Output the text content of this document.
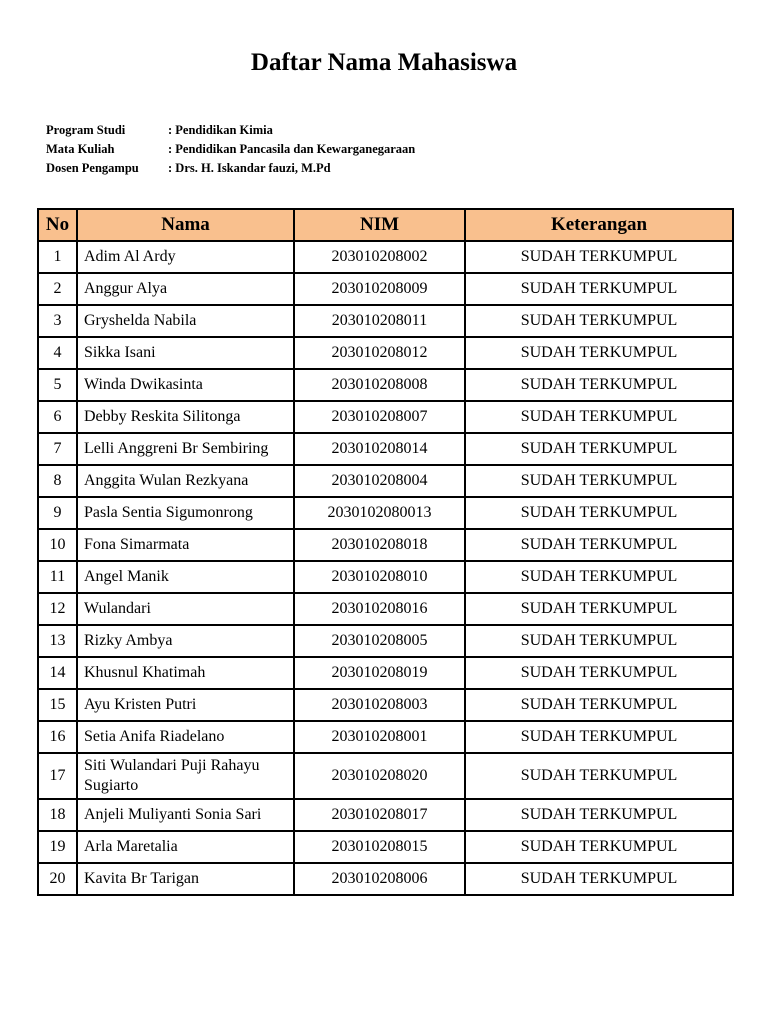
Daftar Nama Mahasiswa
Program Studi	: Pendidikan Kimia
Mata Kuliah	: Pendidikan Pancasila dan Kewarganegaraan
Dosen Pengampu	: Drs. H. Iskandar fauzi, M.Pd
No	Nama	NIM	Keterangan
1	Adim Al Ardy	203010208002	SUDAH TERKUMPUL
2	Anggur Alya	203010208009	SUDAH TERKUMPUL
3	Gryshelda Nabila	203010208011	SUDAH TERKUMPUL
4	Sikka Isani	203010208012	SUDAH TERKUMPUL
5	Winda Dwikasinta	203010208008	SUDAH TERKUMPUL
6	Debby Reskita Silitonga	203010208007	SUDAH TERKUMPUL
7	Lelli Anggreni Br Sembiring	203010208014	SUDAH TERKUMPUL
8	Anggita Wulan Rezkyana	203010208004	SUDAH TERKUMPUL
9	Pasla Sentia Sigumonrong	2030102080013	SUDAH TERKUMPUL
10	Fona Simarmata	203010208018	SUDAH TERKUMPUL
11	Angel Manik	203010208010	SUDAH TERKUMPUL
12	Wulandari	203010208016	SUDAH TERKUMPUL
13	Rizky Ambya	203010208005	SUDAH TERKUMPUL
14	Khusnul Khatimah	203010208019	SUDAH TERKUMPUL
15	Ayu Kristen Putri	203010208003	SUDAH TERKUMPUL
16	Setia Anifa Riadelano	203010208001	SUDAH TERKUMPUL
17	Siti Wulandari Puji Rahayu Sugiarto	203010208020	SUDAH TERKUMPUL
18	Anjeli Muliyanti Sonia Sari	203010208017	SUDAH TERKUMPUL
19	Arla Maretalia	203010208015	SUDAH TERKUMPUL
20	Kavita Br Tarigan	203010208006	SUDAH TERKUMPUL
